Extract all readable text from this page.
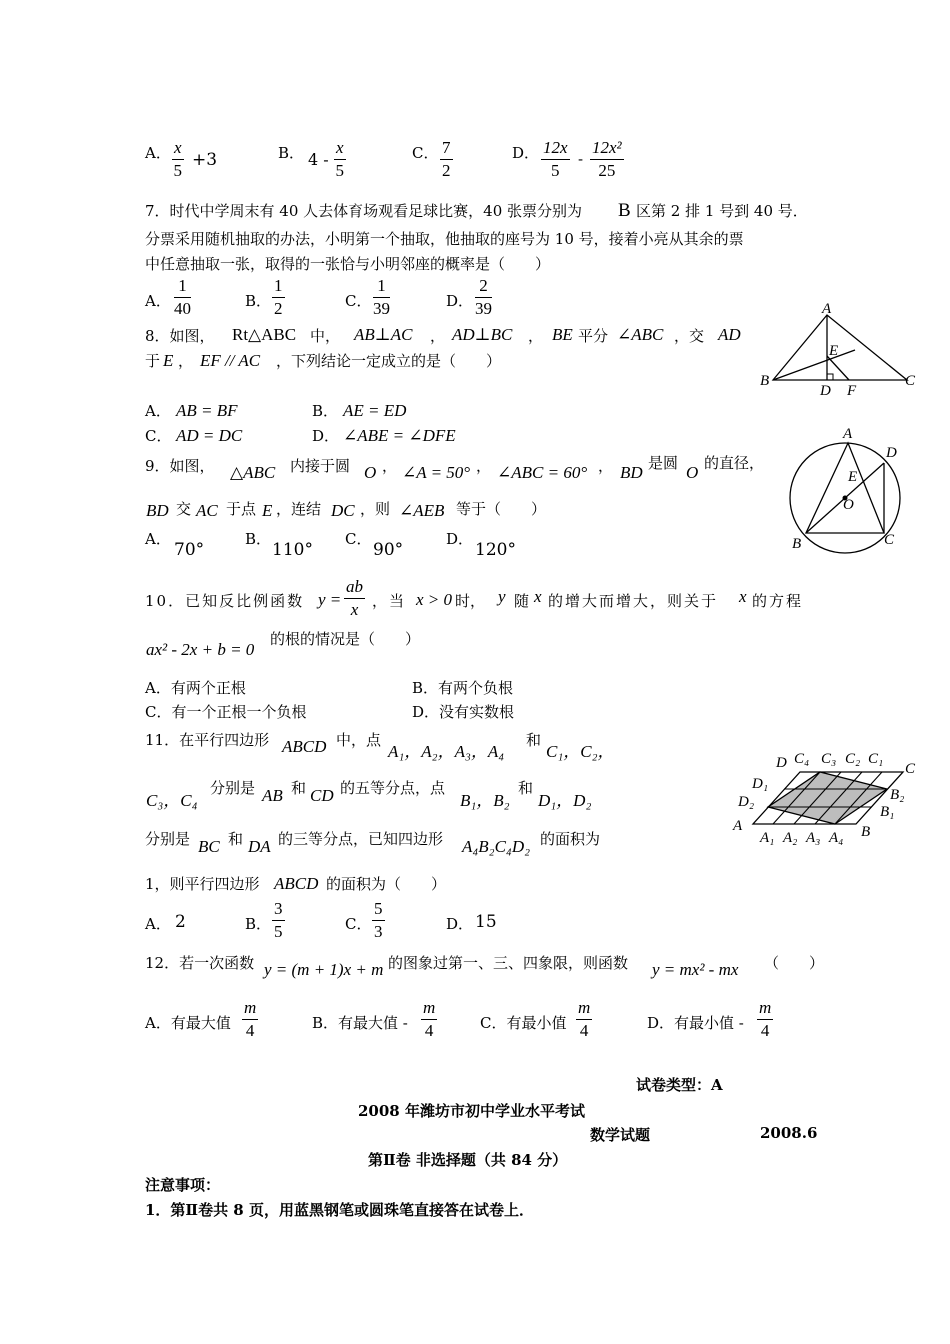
A． $\frac{x}{5} +3$	B． $4 - \frac{x}{5}$	C． $\frac{7}{2}$	D． $\frac{12x}{5} - \frac{\text{12x²}}{25}$
7．时代中学周末有 40 人去体育场观看足球比赛，40 张票分别为 B 区第 2 排 1 号到 40 号．
分票采用随机抽取的办法，小明第一个抽取，他抽取的座号为 10 号，接着小亮从其余的票
中任意抽取一张，取得的一张恰与小明邻座的概率是（　　）
A． $\frac{1}{40}$	B． $\frac{1}{2}$	C． $\frac{1}{39}$	D． $\frac{2}{39}$
8．如图， Rt△ABC 中， AB⊥AC ， AD⊥BC ， BE 平分 ∠ABC ，交 AD
于 E ， EF // AC ，下列结论一定成立的是（　　）
A． AB = BF	B． AE = ED
C． AD = DC	D． ∠ABE = ∠DFE
A
B	C
D
E
F
9．如图， △ABC 内接于圆 O ， ∠A = 50° ， ∠ABC = 60° ， BD 是圆 O 的直径，
BD 交 AC 于点 E ，连结 DC ，则 ∠AEB 等于（　　）
A．
70°
B．
110°
C．
90°
D．
120°
A
B	C
D
E
O
10．已知反比例函数 $y = \frac{ab}{x}$ ，当 x > 0 时， y 随 x 的增大而增大，则关于 x 的方程
ax² - 2x + b = 0
的根的情况是（　　）
A．有两个正根	B．有两个负根
C．有一个正根一个负根	D．没有实数根
11．在平行四边形 ABCD 中，点
A₁，A₂，A₃，A₄
和
C₁，C₂，
C₃，C₄
分别是 AB 和 CD 的五等分点，点
B₁，B₂
和
D₁，D₂
分别是 BC 和 DA 的三等分点，已知四边形 A₄B₂C₄D₂ 的面积为
1，则平行四边形 ABCD 的面积为（　　）
A． 2	B． $\frac{3}{5}$	C． $\frac{5}{3}$	D． 15
A	B
C
D
A₁ A₂ A₃ A₄
C₁
C₂
C₃
C₄
B₁
B₂
D₁
D₂
12．若一次函数 y = (m + 1)x + m 的图象过第一、三、四象限，则函数 y = mx² - mx （　　）
A．有最大值 $\frac{m}{4}$	B．有最大值 - $\frac{m}{4}$	C．有最小值 $\frac{m}{4}$	D．有最小值 - $\frac{m}{4}$
试卷类型：A
2008 年潍坊市初中学业水平考试
数学试题	2008.6
第Ⅱ卷 非选择题（共 84 分）
注意事项：
1．第Ⅱ卷共 8 页，用蓝黑钢笔或圆珠笔直接答在试卷上．
